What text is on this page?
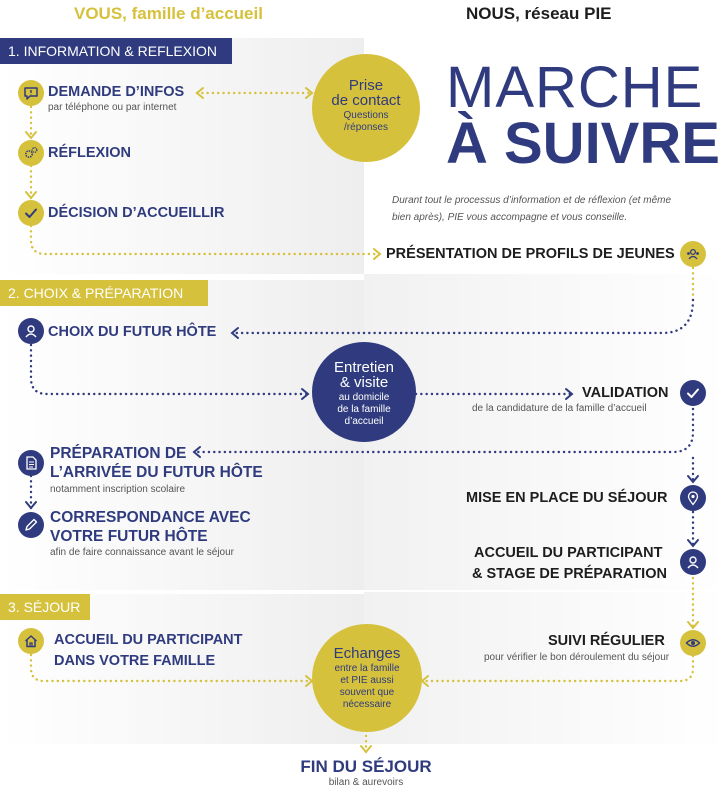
VOUS, famille d’accueil	NOUS, réseau PIE
1. INFORMATION & REFLEXION
2. CHOIX & PRÉPARATION
3. SÉJOUR
MARCHE
À SUIVRE
Durant tout le processus d’information et de réflexion (et même bien après), PIE vous accompagne et vous conseille.
DEMANDE D’INFOS
par téléphone ou par internet
RÉFLEXION
DÉCISION D’ACCUEILLIR
CHOIX DU FUTUR HÔTE
PRÉPARATION DE
L’ARRIVÉE DU FUTUR HÔTE
notamment inscription scolaire
CORRESPONDANCE AVEC
VOTRE FUTUR HÔTE
afin de faire connaissance avant le séjour
ACCUEIL DU PARTICIPANT
DANS VOTRE FAMILLE
PRÉSENTATION DE PROFILS DE JEUNES
VALIDATION
de la candidature de la famille d’accueil
MISE EN PLACE DU SÉJOUR
ACCUEIL DU PARTICIPANT
& STAGE DE PRÉPARATION
SUIVI RÉGULIER
pour vérifier le bon déroulement du séjour
Prise
de contact
Questions
/réponses
Entretien
& visite
au domicile
de la famille
d’accueil
Echanges
entre la famille
et PIE aussi
souvent que
nécessaire
FIN DU SÉJOUR
bilan & aurevoirs
